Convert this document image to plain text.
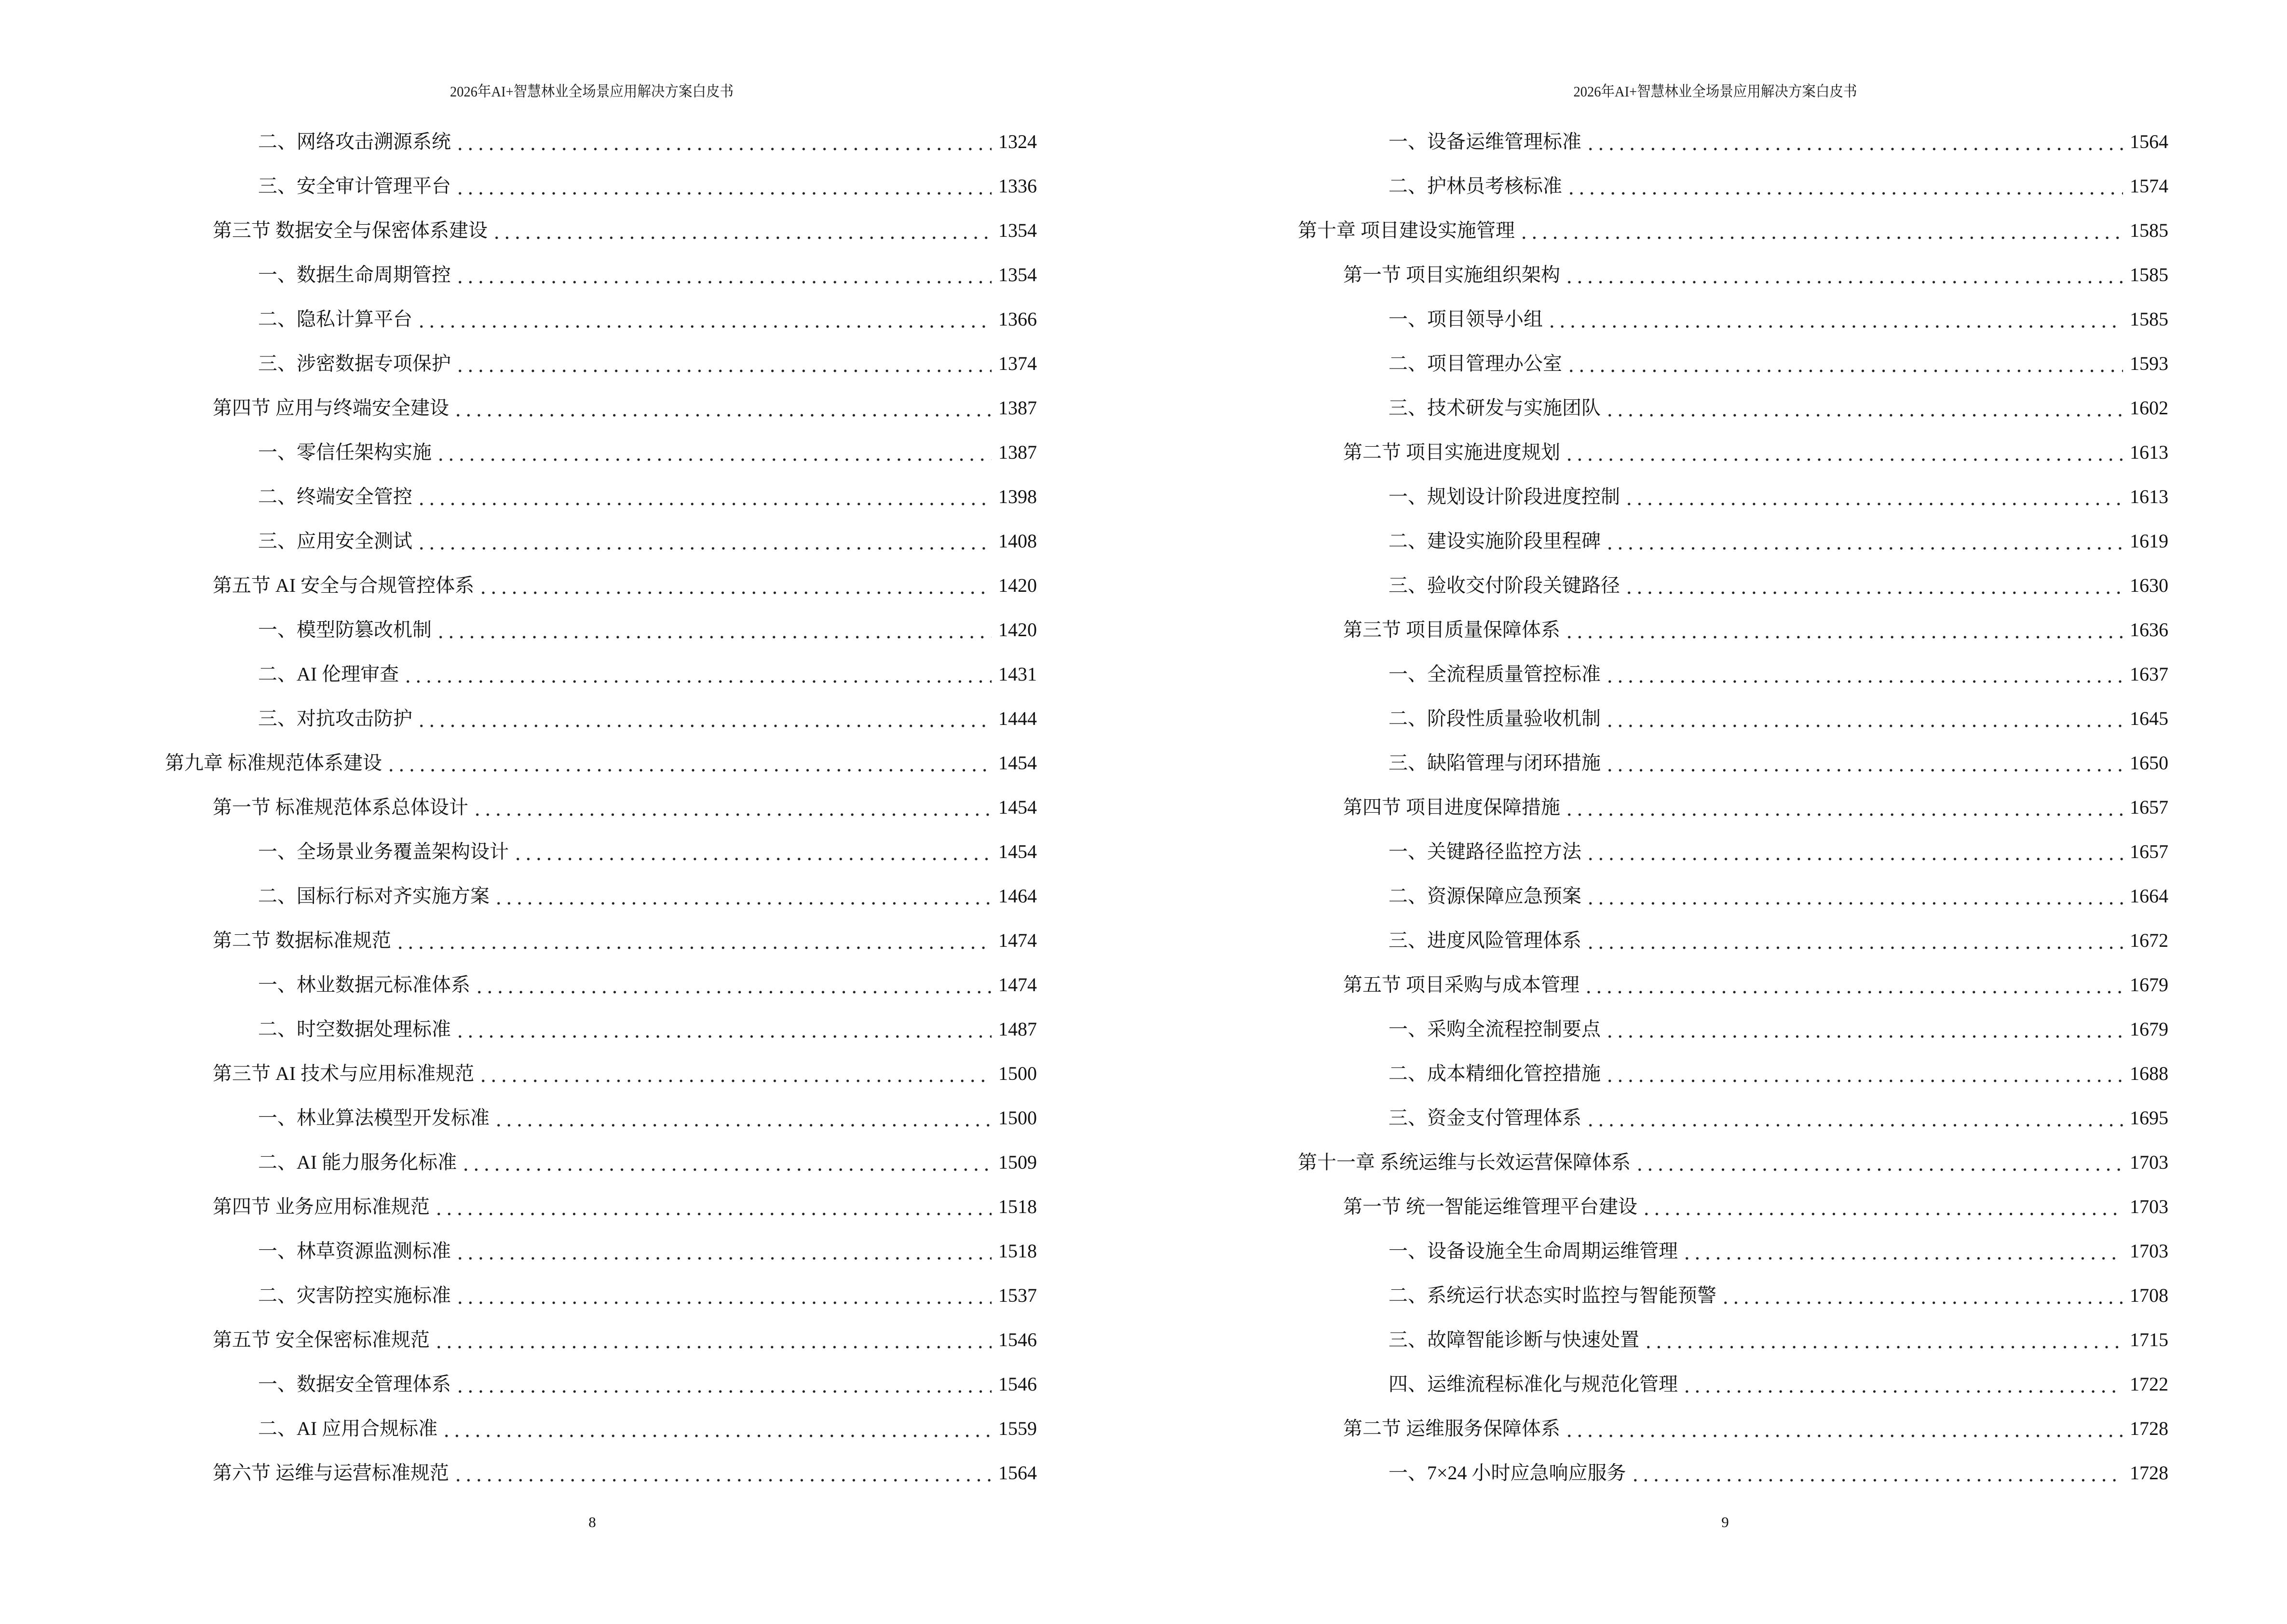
2026年AI+智慧林业全场景应用解决方案白皮书
二、网络攻击溯源系统	1324
三、安全审计管理平台	1336
第三节 数据安全与保密体系建设	1354
一、数据生命周期管控	1354
二、隐私计算平台	1366
三、涉密数据专项保护	1374
第四节 应用与终端安全建设	1387
一、零信任架构实施	1387
二、终端安全管控	1398
三、应用安全测试	1408
第五节 AI 安全与合规管控体系	1420
一、模型防篡改机制	1420
二、AI 伦理审查	1431
三、对抗攻击防护	1444
第九章 标准规范体系建设	1454
第一节 标准规范体系总体设计	1454
一、全场景业务覆盖架构设计	1454
二、国标行标对齐实施方案	1464
第二节 数据标准规范	1474
一、林业数据元标准体系	1474
二、时空数据处理标准	1487
第三节 AI 技术与应用标准规范	1500
一、林业算法模型开发标准	1500
二、AI 能力服务化标准	1509
第四节 业务应用标准规范	1518
一、林草资源监测标准	1518
二、灾害防控实施标准	1537
第五节 安全保密标准规范	1546
一、数据安全管理体系	1546
二、AI 应用合规标准	1559
第六节 运维与运营标准规范	1564
8
2026年AI+智慧林业全场景应用解决方案白皮书
一、设备运维管理标准	1564
二、护林员考核标准	1574
第十章 项目建设实施管理	1585
第一节 项目实施组织架构	1585
一、项目领导小组	1585
二、项目管理办公室	1593
三、技术研发与实施团队	1602
第二节 项目实施进度规划	1613
一、规划设计阶段进度控制	1613
二、建设实施阶段里程碑	1619
三、验收交付阶段关键路径	1630
第三节 项目质量保障体系	1636
一、全流程质量管控标准	1637
二、阶段性质量验收机制	1645
三、缺陷管理与闭环措施	1650
第四节 项目进度保障措施	1657
一、关键路径监控方法	1657
二、资源保障应急预案	1664
三、进度风险管理体系	1672
第五节 项目采购与成本管理	1679
一、采购全流程控制要点	1679
二、成本精细化管控措施	1688
三、资金支付管理体系	1695
第十一章 系统运维与长效运营保障体系	1703
第一节 统一智能运维管理平台建设	1703
一、设备设施全生命周期运维管理	1703
二、系统运行状态实时监控与智能预警	1708
三、故障智能诊断与快速处置	1715
四、运维流程标准化与规范化管理	1722
第二节 运维服务保障体系	1728
一、7×24 小时应急响应服务	1728
9
